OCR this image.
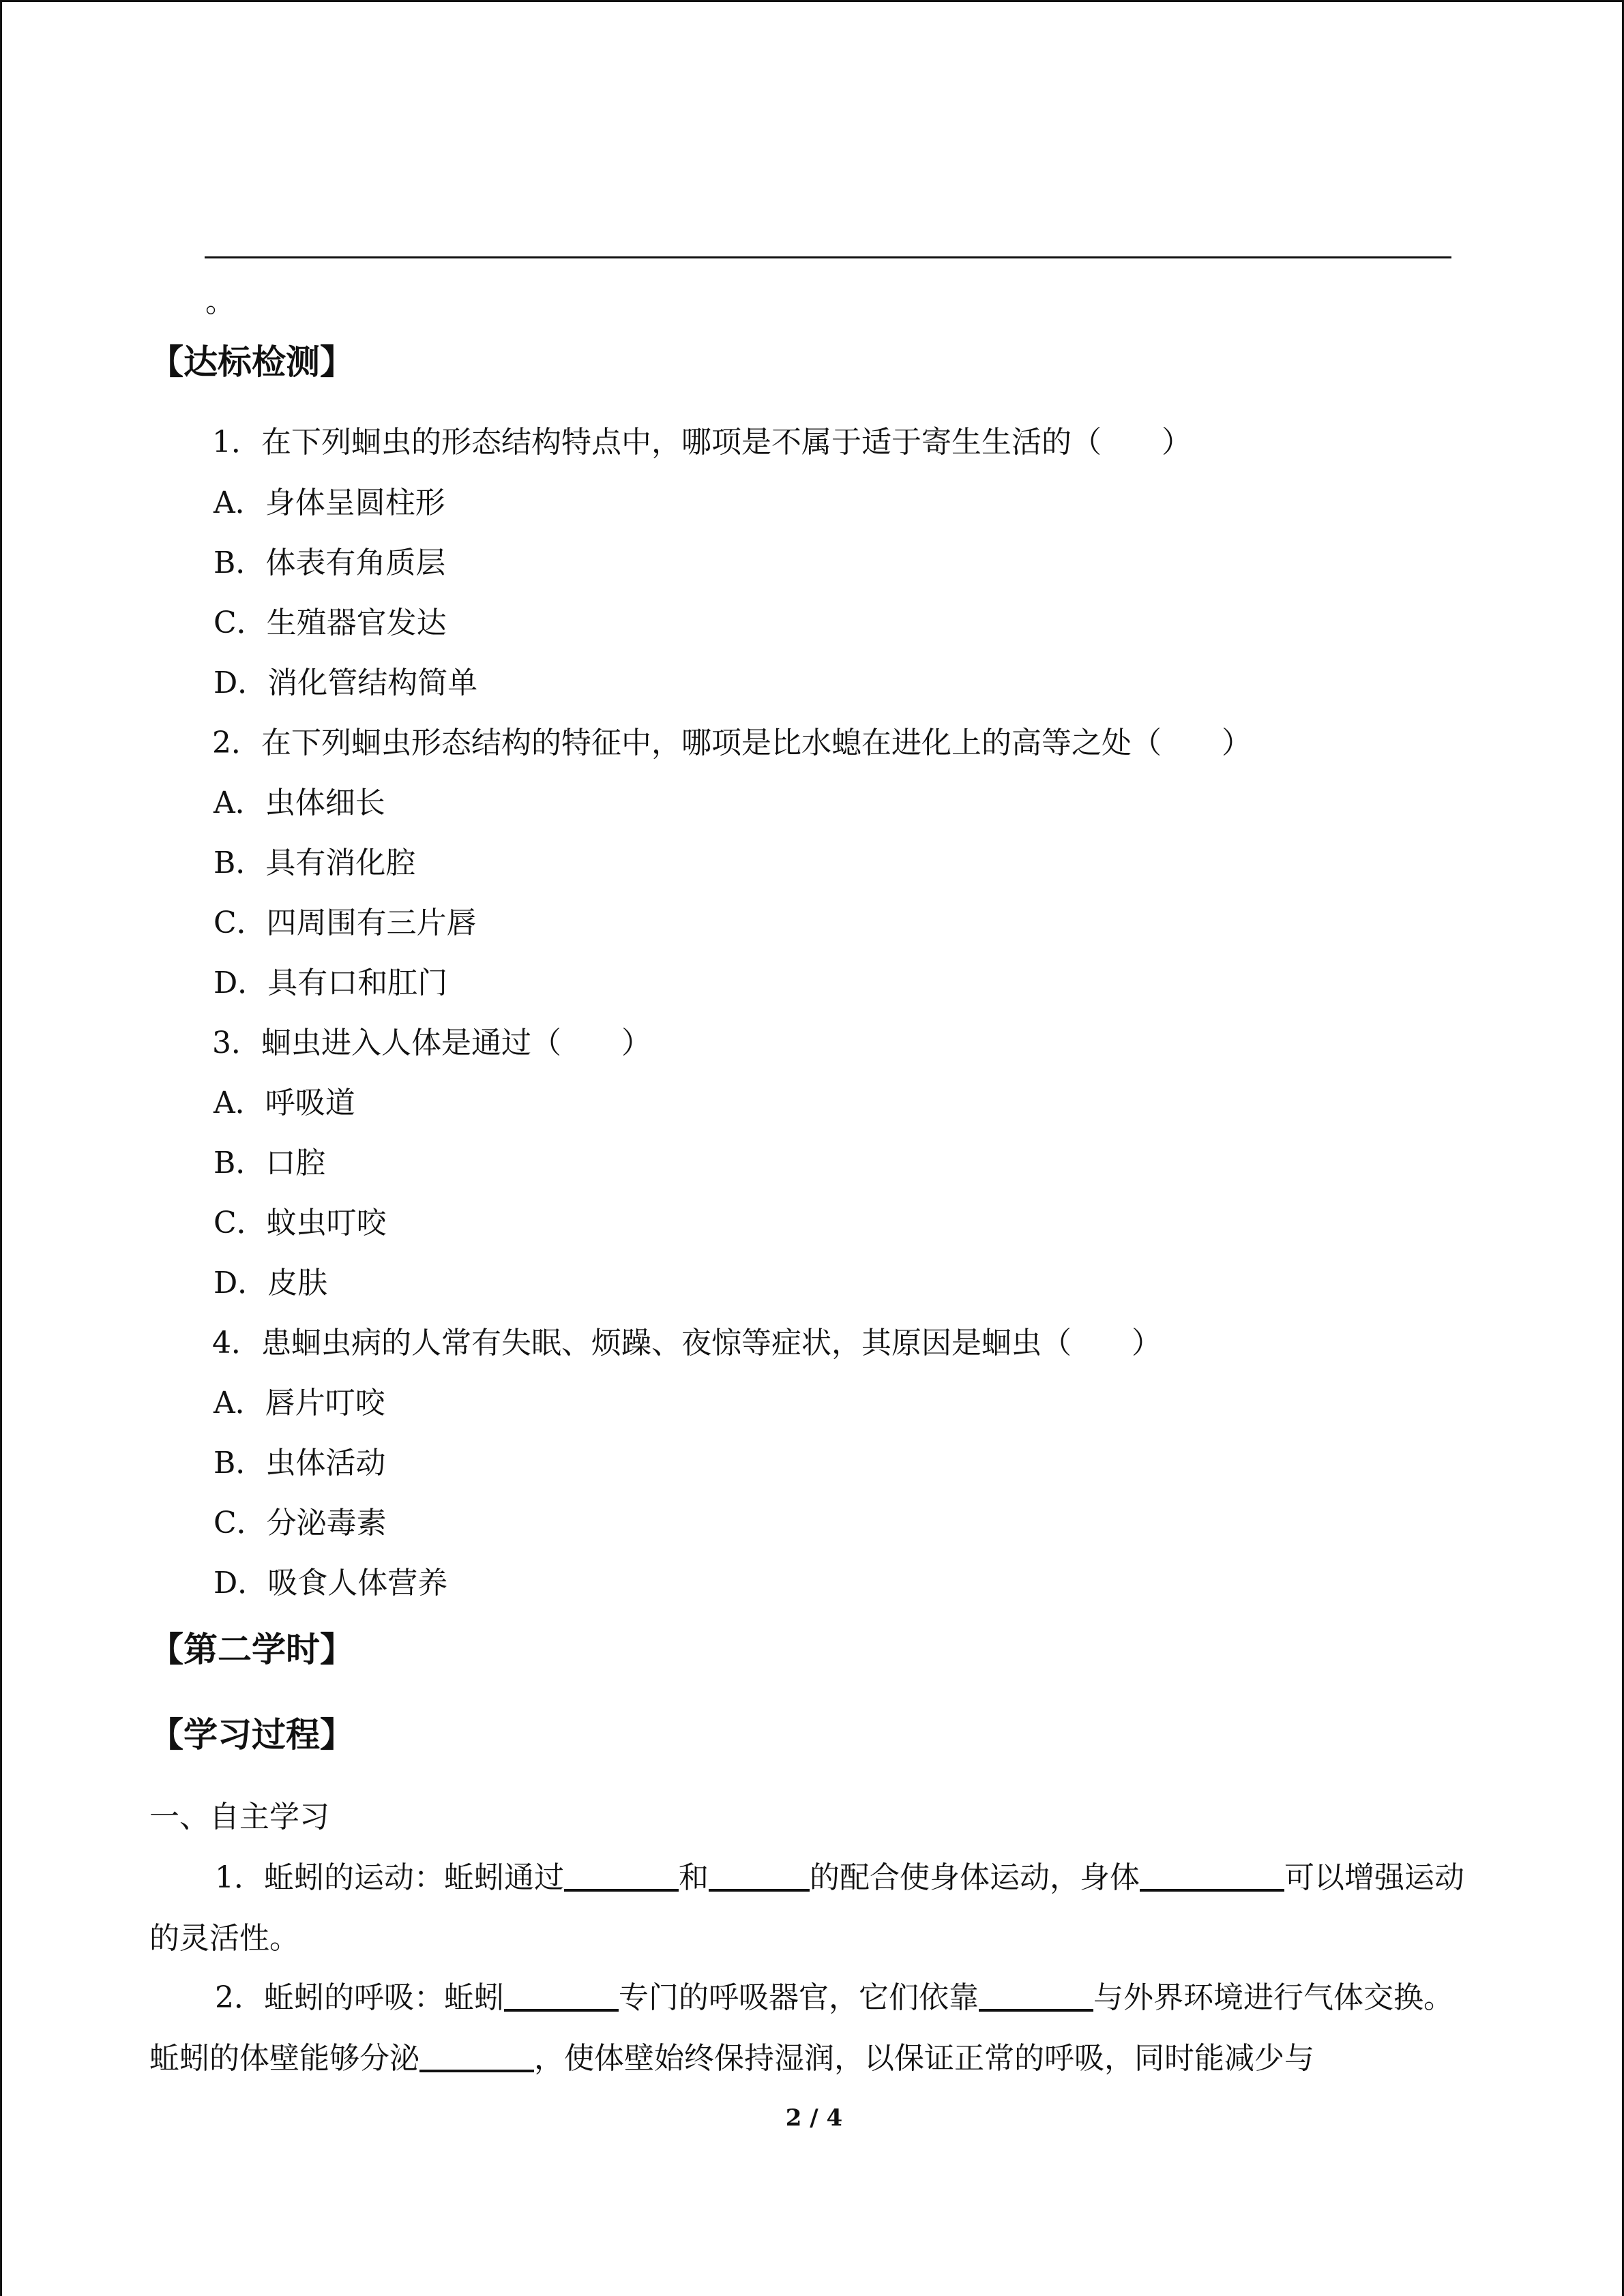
。
【达标检测】
1．在下列蛔虫的形态结构特点中，哪项是不属于适于寄生生活的（　　）
A．身体呈圆柱形
B．体表有角质层
C．生殖器官发达
D．消化管结构简单
2．在下列蛔虫形态结构的特征中，哪项是比水螅在进化上的高等之处（　　）
A．虫体细长
B．具有消化腔
C．四周围有三片唇
D．具有口和肛门
3．蛔虫进入人体是通过（　　）
A．呼吸道
B．口腔
C．蚊虫叮咬
D．皮肤
4．患蛔虫病的人常有失眠、烦躁、夜惊等症状，其原因是蛔虫（　　）
A．唇片叮咬
B．虫体活动
C．分泌毒素
D．吸食人体营养
【第二学时】
【学习过程】
一、自主学习
1．蚯蚓的运动：蚯蚓通过	和	的配合使身体运动，身体	可以增强运动的灵活性。
2．蚯蚓的呼吸：蚯蚓	专门的呼吸器官，它们依靠	与外界环境进行气体交换。蚯蚓的体壁能够分泌	，使体壁始终保持湿润，以保证正常的呼吸，同时能减少与
2 / 4
